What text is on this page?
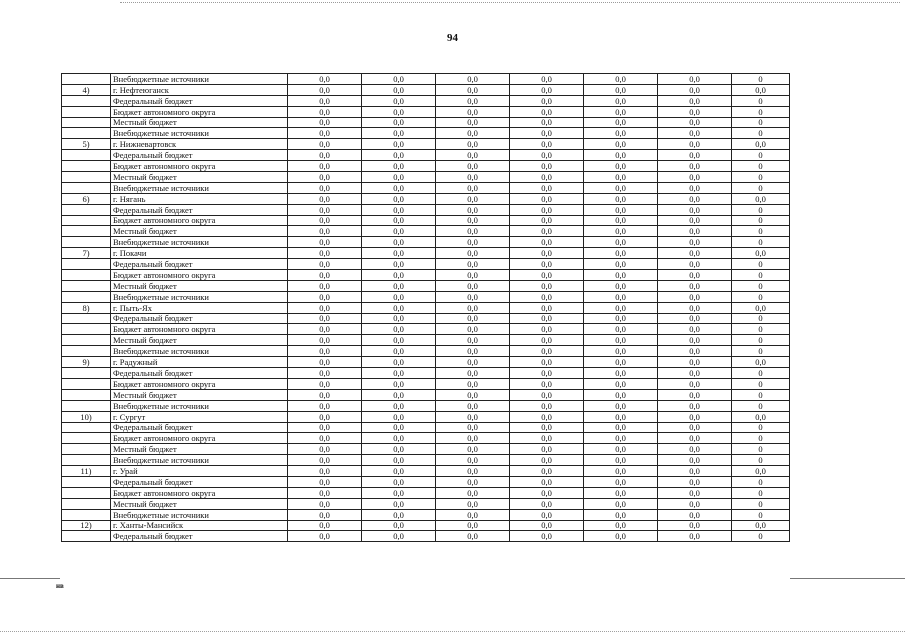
94
	Внебюджетные источники	0,0	0,0	0,0	0,0	0,0	0,0	0
4)	г. Нефтеюганск	0,0	0,0	0,0	0,0	0,0	0,0	0,0
	Федеральный бюджет	0,0	0,0	0,0	0,0	0,0	0,0	0
	Бюджет автономного округа	0,0	0,0	0,0	0,0	0,0	0,0	0
	Местный бюджет	0,0	0,0	0,0	0,0	0,0	0,0	0
	Внебюджетные источники	0,0	0,0	0,0	0,0	0,0	0,0	0
5)	г. Нижневартовск	0,0	0,0	0,0	0,0	0,0	0,0	0,0
	Федеральный бюджет	0,0	0,0	0,0	0,0	0,0	0,0	0
	Бюджет автономного округа	0,0	0,0	0,0	0,0	0,0	0,0	0
	Местный бюджет	0,0	0,0	0,0	0,0	0,0	0,0	0
	Внебюджетные источники	0,0	0,0	0,0	0,0	0,0	0,0	0
6)	г. Нягань	0,0	0,0	0,0	0,0	0,0	0,0	0,0
	Федеральный бюджет	0,0	0,0	0,0	0,0	0,0	0,0	0
	Бюджет автономного округа	0,0	0,0	0,0	0,0	0,0	0,0	0
	Местный бюджет	0,0	0,0	0,0	0,0	0,0	0,0	0
	Внебюджетные источники	0,0	0,0	0,0	0,0	0,0	0,0	0
7)	г. Покачи	0,0	0,0	0,0	0,0	0,0	0,0	0,0
	Федеральный бюджет	0,0	0,0	0,0	0,0	0,0	0,0	0
	Бюджет автономного округа	0,0	0,0	0,0	0,0	0,0	0,0	0
	Местный бюджет	0,0	0,0	0,0	0,0	0,0	0,0	0
	Внебюджетные источники	0,0	0,0	0,0	0,0	0,0	0,0	0
8)	г. Пыть-Ях	0,0	0,0	0,0	0,0	0,0	0,0	0,0
	Федеральный бюджет	0,0	0,0	0,0	0,0	0,0	0,0	0
	Бюджет автономного округа	0,0	0,0	0,0	0,0	0,0	0,0	0
	Местный бюджет	0,0	0,0	0,0	0,0	0,0	0,0	0
	Внебюджетные источники	0,0	0,0	0,0	0,0	0,0	0,0	0
9)	г. Радужный	0,0	0,0	0,0	0,0	0,0	0,0	0,0
	Федеральный бюджет	0,0	0,0	0,0	0,0	0,0	0,0	0
	Бюджет автономного округа	0,0	0,0	0,0	0,0	0,0	0,0	0
	Местный бюджет	0,0	0,0	0,0	0,0	0,0	0,0	0
	Внебюджетные источники	0,0	0,0	0,0	0,0	0,0	0,0	0
10)	г. Сургут	0,0	0,0	0,0	0,0	0,0	0,0	0,0
	Федеральный бюджет	0,0	0,0	0,0	0,0	0,0	0,0	0
	Бюджет автономного округа	0,0	0,0	0,0	0,0	0,0	0,0	0
	Местный бюджет	0,0	0,0	0,0	0,0	0,0	0,0	0
	Внебюджетные источники	0,0	0,0	0,0	0,0	0,0	0,0	0
11)	г. Урай	0,0	0,0	0,0	0,0	0,0	0,0	0,0
	Федеральный бюджет	0,0	0,0	0,0	0,0	0,0	0,0	0
	Бюджет автономного округа	0,0	0,0	0,0	0,0	0,0	0,0	0
	Местный бюджет	0,0	0,0	0,0	0,0	0,0	0,0	0
	Внебюджетные источники	0,0	0,0	0,0	0,0	0,0	0,0	0
12)	г. Ханты-Мансийск	0,0	0,0	0,0	0,0	0,0	0,0	0,0
	Федеральный бюджет	0,0	0,0	0,0	0,0	0,0	0,0	0
нв
